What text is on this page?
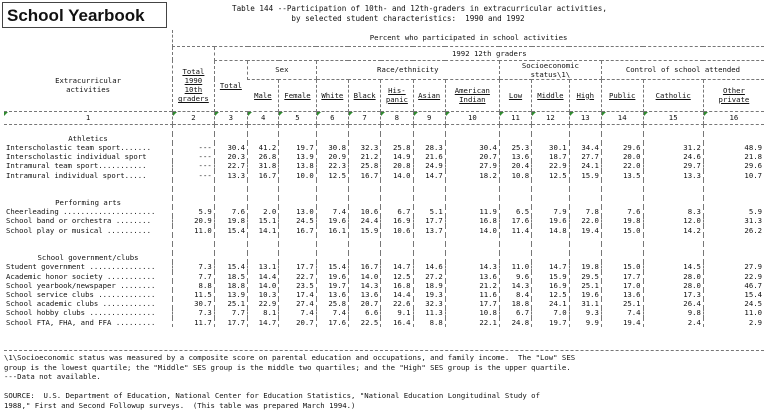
School Yearbook	Table 144 --Participation of 10th- and 12th-graders in extracurricular activities,
by selected student characteristics:  1990 and 1992
	Percent who participated in school activities														
		1992 12th graders													
Extracurricular
activities	Total
1990
10th
graders	Total	Sex		Race/ethnicity					Socioeconomic
status\1\			Control of school attended		
			Male	Female	White	Black	His-
panic	Asian	American
Indian	Low	Middle	High	Public	Catholic	Other
private
1	2	3	4	5	6	7	8	9	10	11	12	13	14	15	16

Athletics															
Interscholastic team sport.......	---	30.4	41.2	19.7	30.8	32.3	25.8	28.3	30.4	25.3	30.1	34.4	29.6	31.2	48.9
Interscholastic individual sport	---	20.3	26.8	13.9	20.9	21.2	14.9	21.6	20.7	13.6	18.7	27.7	20.0	24.6	21.8
Intramural team sport...........	---	22.7	31.8	13.8	22.3	25.8	20.8	24.9	27.9	20.4	22.9	24.1	22.0	29.7	29.6
Intramural individual sport.....	---	13.3	16.7	10.0	12.5	16.7	14.0	14.7	18.2	10.8	12.5	15.9	13.5	13.3	10.7

Performing arts															
Cheerleading .....................	5.9	7.6	2.0	13.0	7.4	10.6	6.7	5.1	11.9	6.5	7.9	7.8	7.6	8.3	5.9
School band or orchestra ........	20.9	19.8	15.1	24.5	19.6	24.4	16.9	17.7	16.8	17.6	19.6	22.0	19.8	12.0	31.3
School play or musical ..........	11.0	15.4	14.1	16.7	16.1	15.9	10.6	13.7	14.0	11.4	14.8	19.4	15.0	14.2	26.2

School government/clubs															
Student government ...............	7.3	15.4	13.1	17.7	15.4	16.7	14.7	14.6	14.3	11.0	14.7	19.8	15.0	14.5	27.9
Academic honor society ...........	7.7	18.5	14.4	22.7	19.6	14.0	12.5	27.2	13.6	9.6	15.9	29.5	17.7	28.0	22.9
School yearbook/newspaper ........	8.8	18.8	14.0	23.5	19.7	14.3	16.8	18.9	21.2	14.3	16.9	25.1	17.0	28.0	46.7
School service clubs .............	11.5	13.9	10.3	17.4	13.6	13.6	14.4	19.3	11.6	8.4	12.5	19.6	13.6	17.3	15.4
School academic clubs ............	30.7	25.1	22.9	27.4	25.8	20.7	22.6	32.3	17.7	18.8	24.1	31.1	25.1	26.4	24.5
School hobby clubs ...............	7.3	7.7	8.1	7.4	7.4	6.6	9.1	11.3	10.8	6.7	7.0	9.3	7.4	9.8	11.0
School FTA, FHA, and FFA .........	11.7	17.7	14.7	20.7	17.6	22.5	16.4	8.8	22.1	24.8	19.7	9.9	19.4	2.4	2.9
\1\Socioeconomic status was measured by a composite score on parental education and occupations, and family income.  The "Low" SES
group is the lowest quartile; the "Middle" SES group is the middle two quartiles; and the "High" SES group is the upper quartile.
---Data not available.

SOURCE:  U.S. Department of Education, National Center for Education Statistics, "National Education Longitudinal Study of
1988," First and Second Followup surveys.  (This table was prepared March 1994.)
